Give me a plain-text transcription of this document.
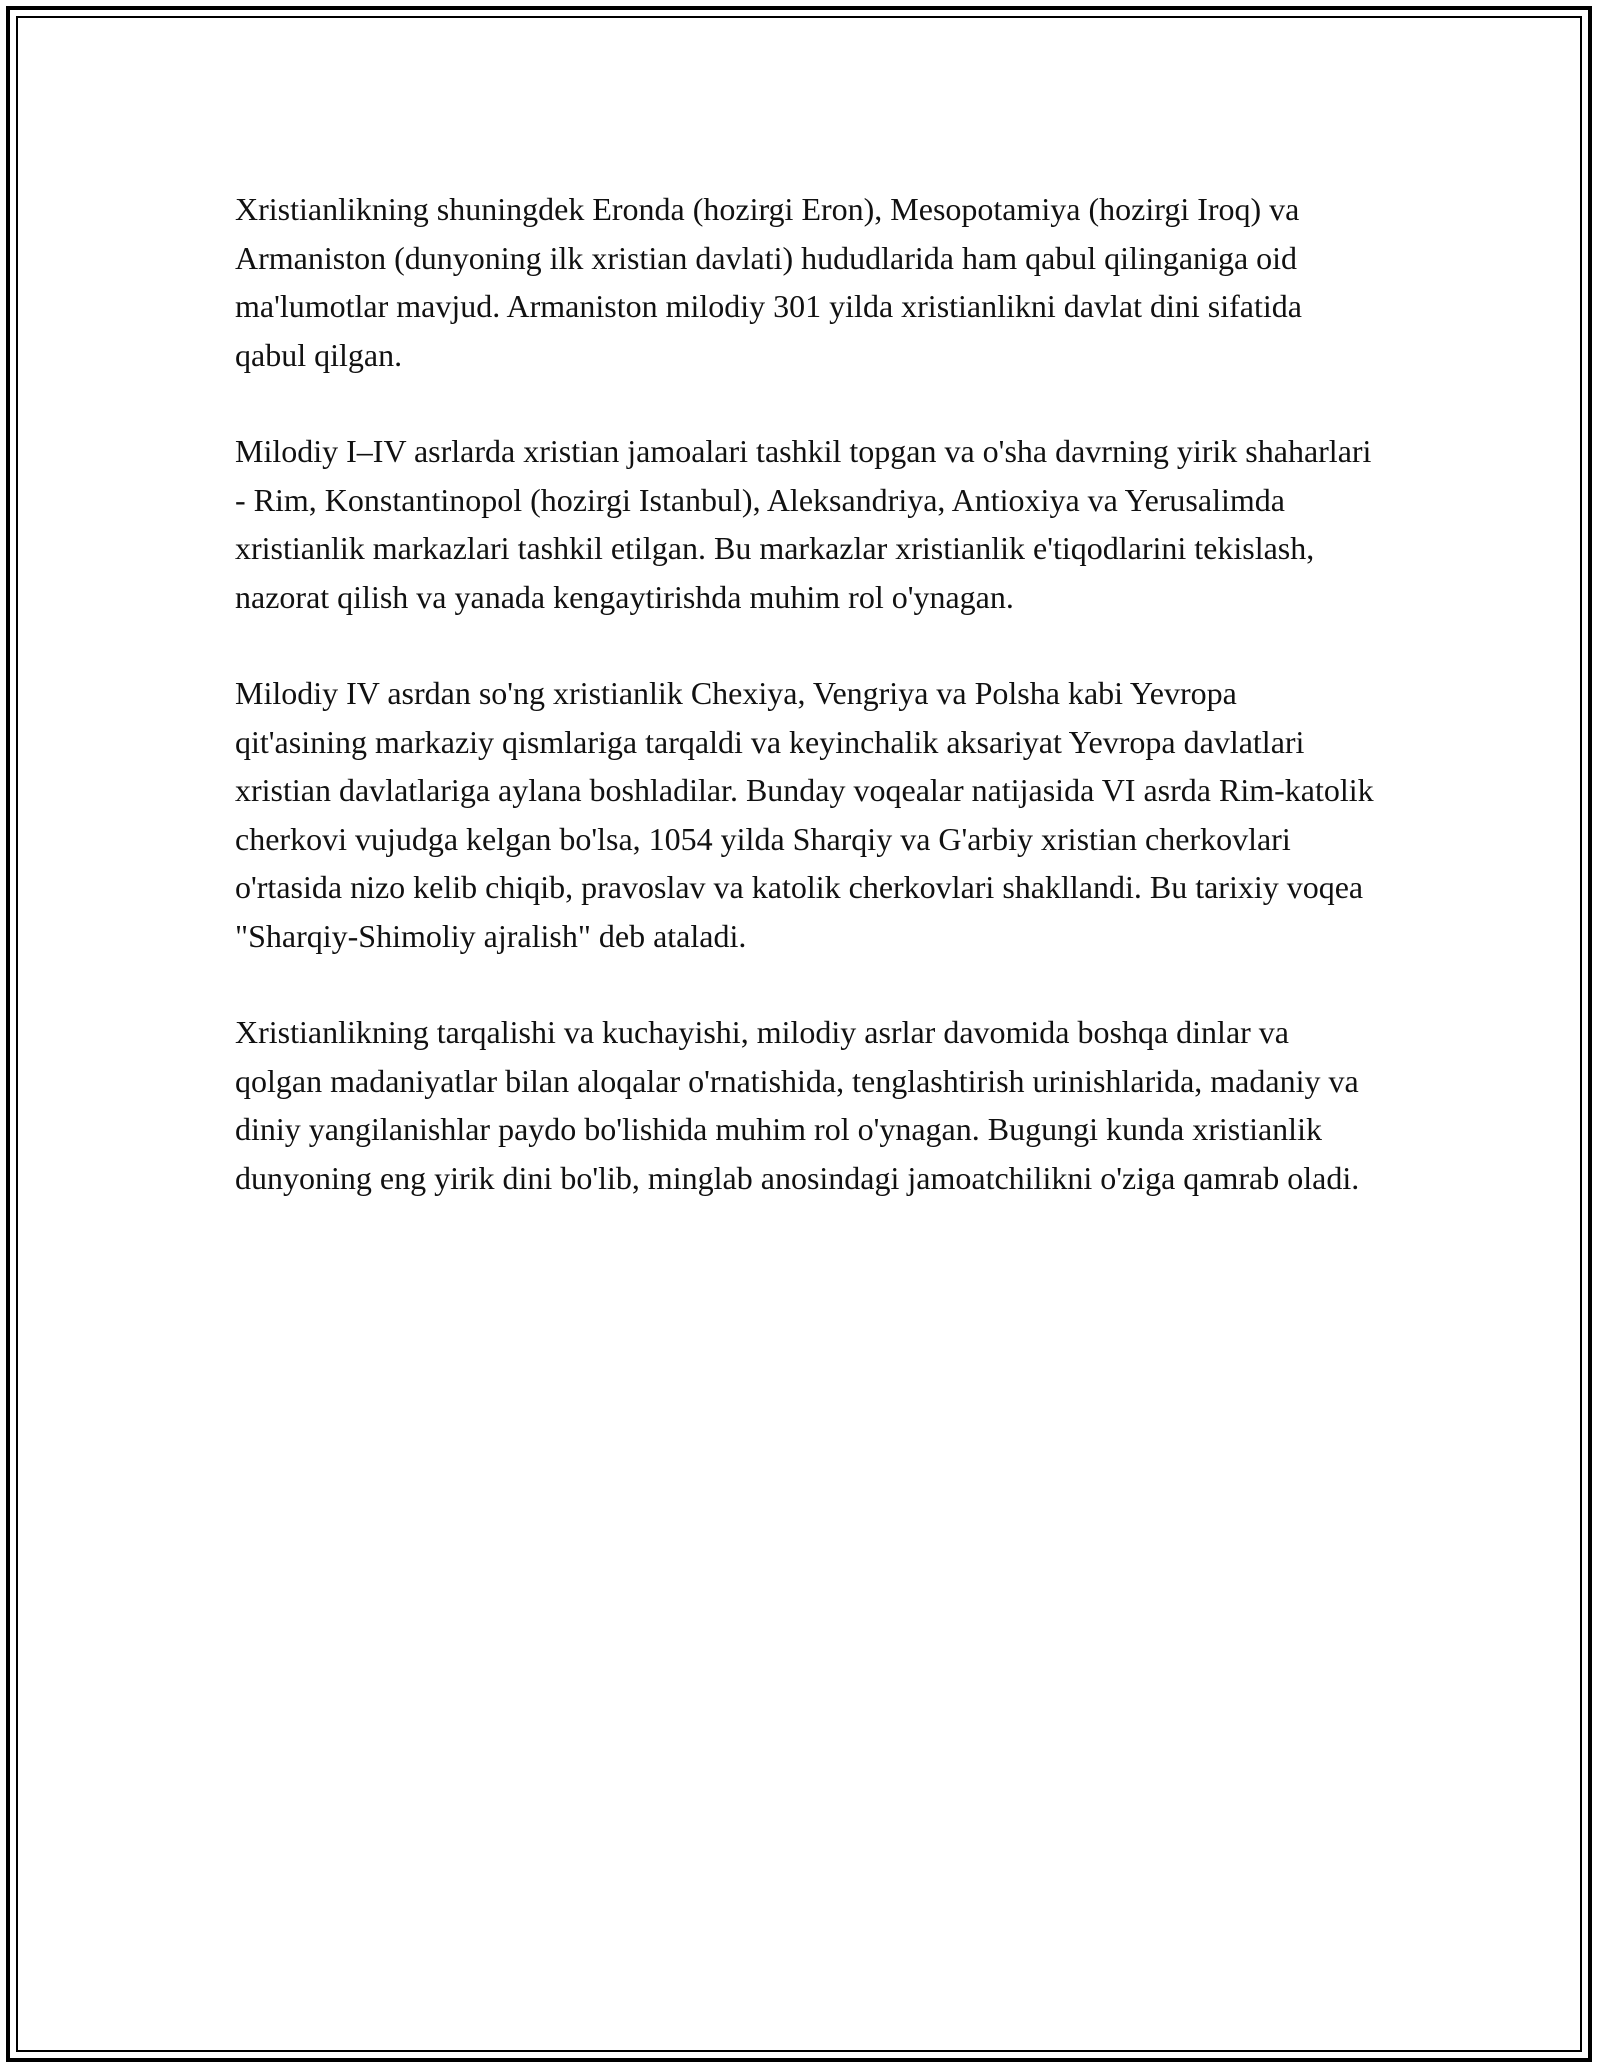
Xristianlikning shuningdek Eronda (hozirgi Eron), Mesopotamiya (hozirgi Iroq) va Armaniston (dunyoning ilk xristian davlati) hududlarida ham qabul qilinganiga oid ma'lumotlar mavjud. Armaniston milodiy 301 yilda xristianlikni davlat dini sifatida qabul qilgan.

Milodiy I–IV asrlarda xristian jamoalari tashkil topgan va o'sha davrning yirik shaharlari - Rim, Konstantinopol (hozirgi Istanbul), Aleksandriya, Antioxiya va Yerusalimda xristianlik markazlari tashkil etilgan. Bu markazlar xristianlik e'tiqodlarini tekislash, nazorat qilish va yanada kengaytirishda muhim rol o'ynagan.

Milodiy IV asrdan so'ng xristianlik Chexiya, Vengriya va Polsha kabi Yevropa qit'asining markaziy qismlariga tarqaldi va keyinchalik aksariyat Yevropa davlatlari xristian davlatlariga aylana boshladilar. Bunday voqealar natijasida VI asrda Rim-katolik cherkovi vujudga kelgan bo'lsa, 1054 yilda Sharqiy va G'arbiy xristian cherkovlari o'rtasida nizo kelib chiqib, pravoslav va katolik cherkovlari shakllandi. Bu tarixiy voqea "Sharqiy-Shimoliy ajralish" deb ataladi.

Xristianlikning tarqalishi va kuchayishi, milodiy asrlar davomida boshqa dinlar va qolgan madaniyatlar bilan aloqalar o'rnatishida, tenglashtirish urinishlarida, madaniy va diniy yangilanishlar paydo bo'lishida muhim rol o'ynagan. Bugungi kunda xristianlik dunyoning eng yirik dini bo'lib, minglab anosindagi jamoatchilikni o'ziga qamrab oladi.
